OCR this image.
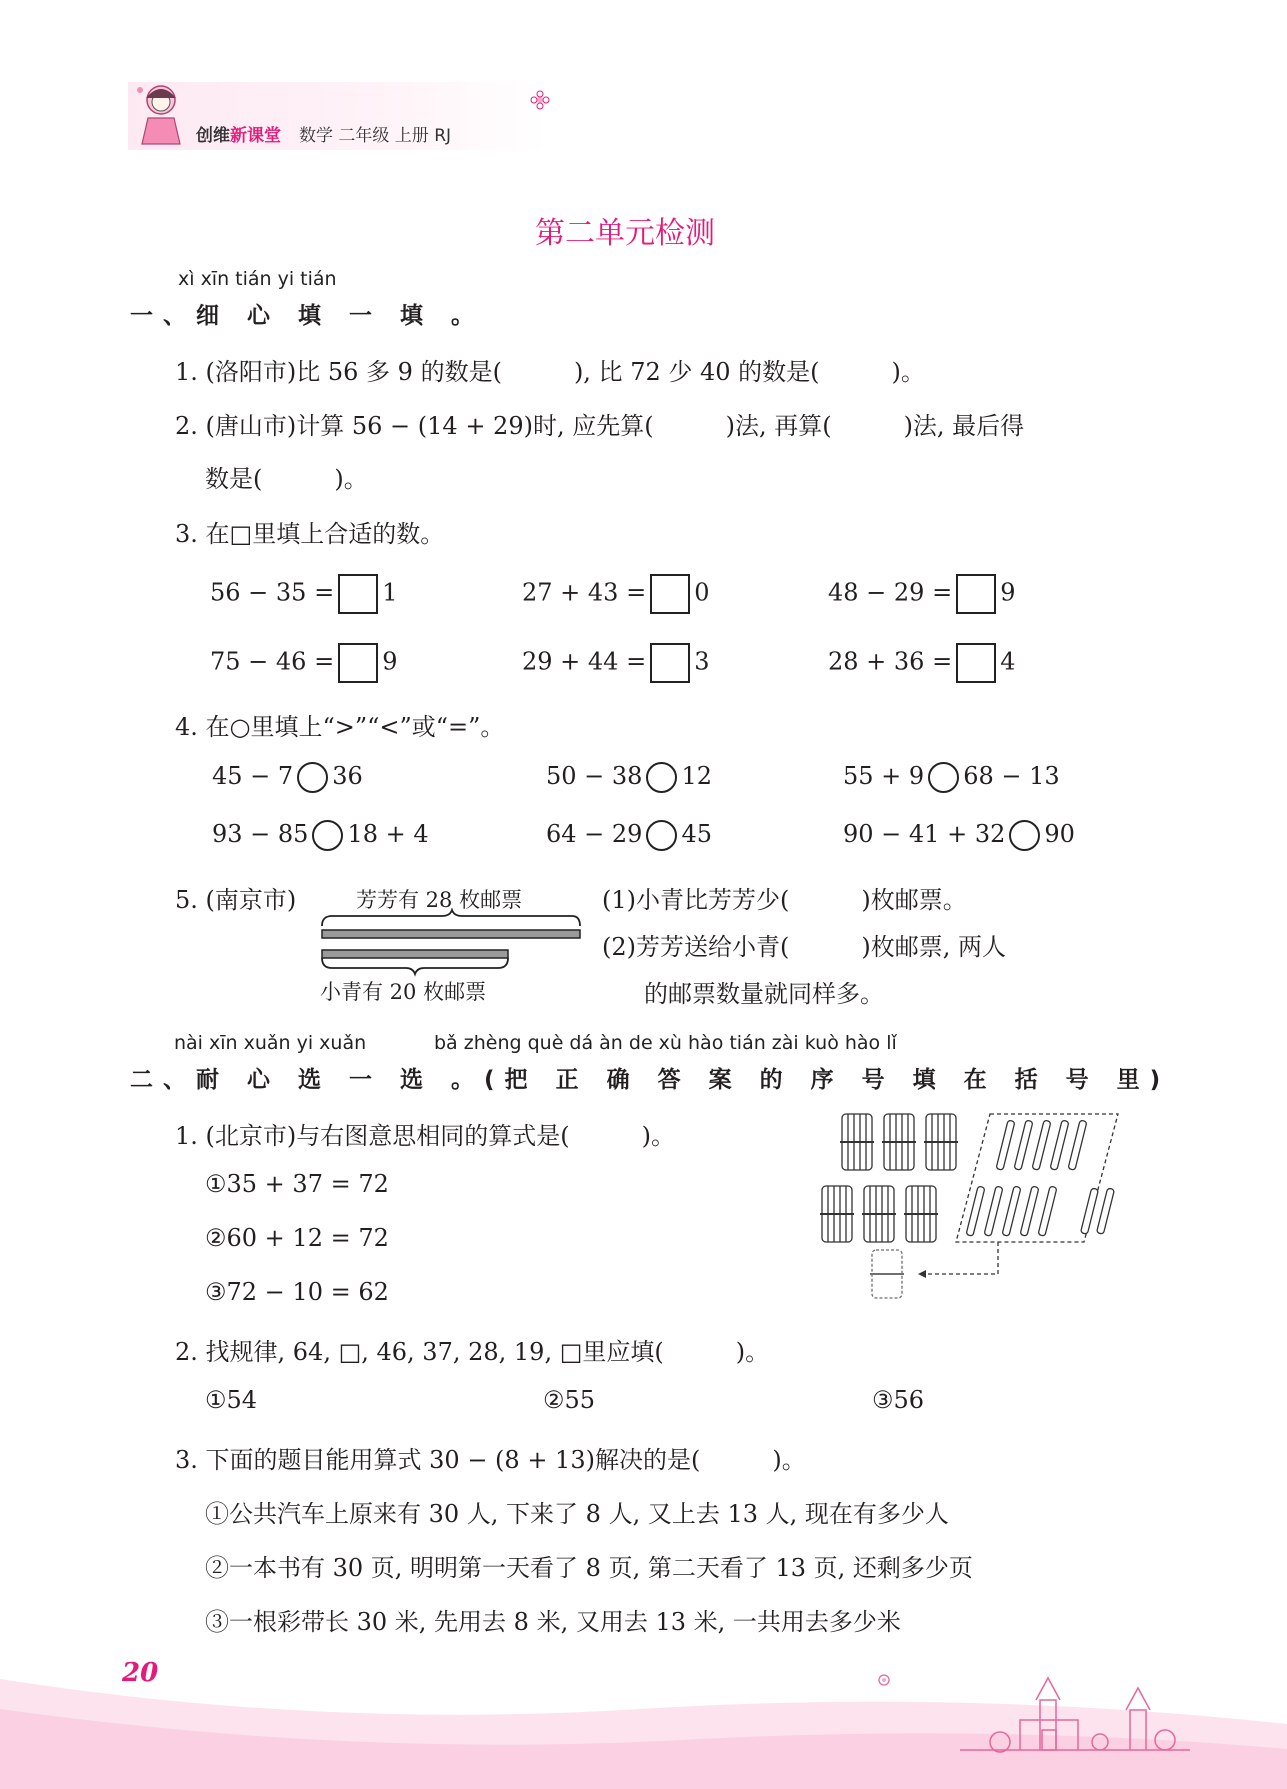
创维新课堂 数学 二年级 上册 RJ
第二单元检测
xì xīn tián yi tián
一、细 心 填 一 填 。
1. (洛阳市)比 56 多 9 的数是(　　　), 比 72 少 40 的数是(　　　)。
2. (唐山市)计算 56 − (14 + 29)时, 应先算(　　　)法, 再算(　　　)法, 最后得
数是(　　　)。
3. 在□里填上合适的数。
56 − 35 = 1	27 + 43 = 0	48 − 29 = 9
75 − 46 = 9	29 + 44 = 3	28 + 36 = 4
4. 在○里填上“>”“<”或“=”。
45 − 7 36	50 − 38 12	55 + 9 68 − 13
93 − 85 18 + 4	64 − 29 45	90 − 41 + 32 90
5. (南京市)	芳芳有 28 枚邮票
小青有 20 枚邮票
(1)小青比芳芳少(　　　)枚邮票。
(2)芳芳送给小青(　　　)枚邮票, 两人
的邮票数量就同样多。
nài xīn xuǎn yi xuǎn	bǎ zhèng què dá àn de xù hào tián zài kuò hào lǐ
二、耐 心 选 一 选 。(把 正 确 答 案 的 序 号 填 在 括 号 里)
1. (北京市)与右图意思相同的算式是(　　　)。
①35 + 37 = 72
②60 + 12 = 72
③72 − 10 = 62
2. 找规律, 64, □, 46, 37, 28, 19, □里应填(　　　)。
①54	②55	③56
3. 下面的题目能用算式 30 − (8 + 13)解决的是(　　　)。
①公共汽车上原来有 30 人, 下来了 8 人, 又上去 13 人, 现在有多少人
②一本书有 30 页, 明明第一天看了 8 页, 第二天看了 13 页, 还剩多少页
③一根彩带长 30 米, 先用去 8 米, 又用去 13 米, 一共用去多少米
20
